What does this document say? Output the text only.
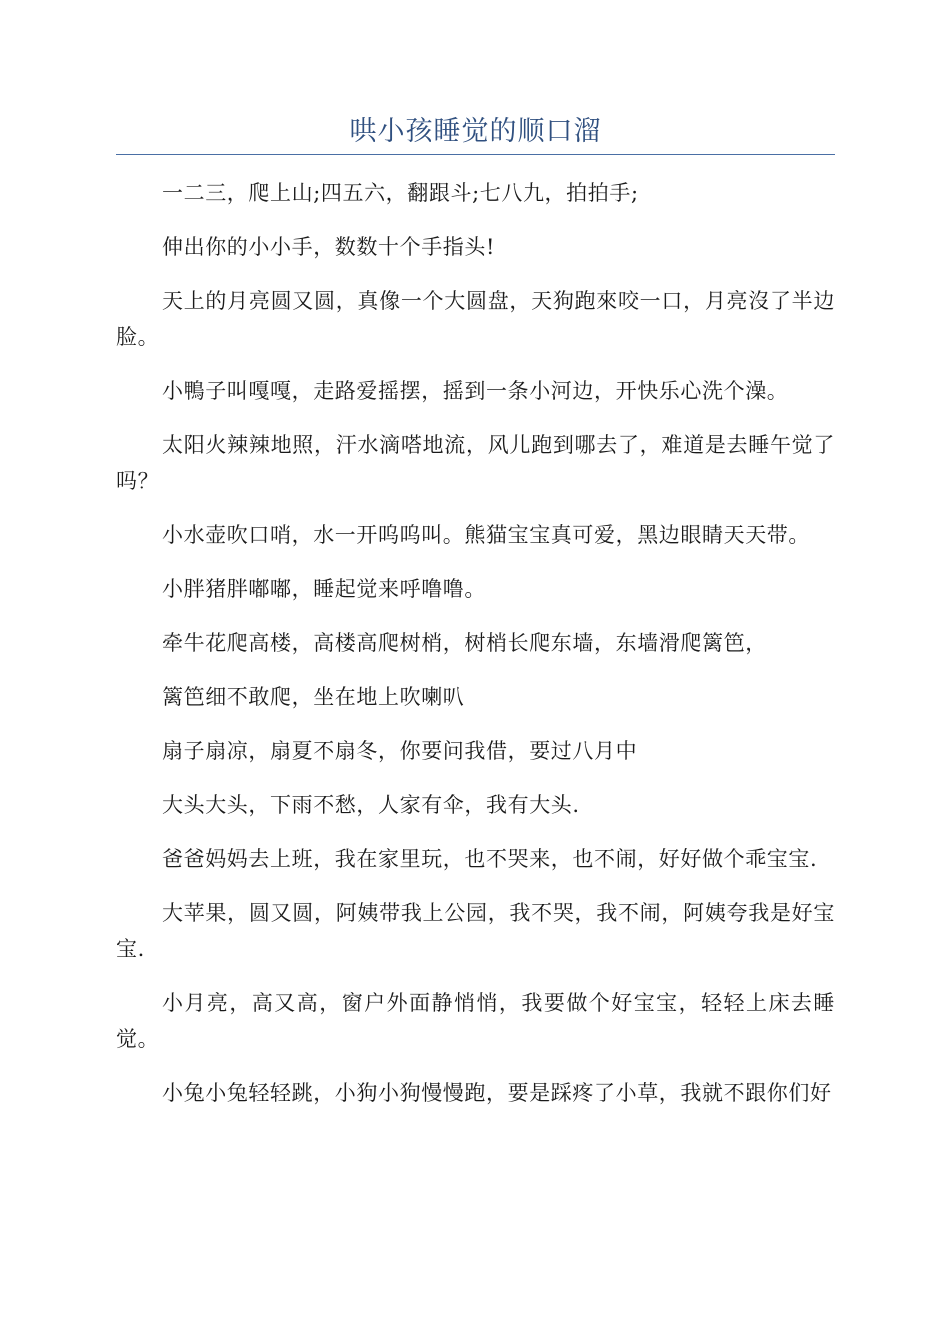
哄小孩睡觉的顺口溜

一二三，爬上山;四五六，翻跟斗;七八九，拍拍手;

伸出你的小小手，数数十个手指头!

天上的月亮圆又圆，真像一个大圆盘，天狗跑來咬一口，月亮沒了半边脸。

小鴨子叫嘎嘎，走路爱摇摆，摇到一条小河边，开快乐心洗个澡。

太阳火辣辣地照，汗水滴嗒地流，风儿跑到哪去了，难道是去睡午觉了吗？

小水壶吹口哨，水一开呜呜叫。熊猫宝宝真可爱，黑边眼睛天天带。

小胖猪胖嘟嘟，睡起觉来呼噜噜。

牵牛花爬高楼，高楼高爬树梢，树梢长爬东墙，东墙滑爬篱笆，

篱笆细不敢爬，坐在地上吹喇叭

扇子扇凉，扇夏不扇冬，你要问我借，要过八月中

大头大头，下雨不愁，人家有伞，我有大头.

爸爸妈妈去上班，我在家里玩，也不哭来，也不闹，好好做个乖宝宝.

大苹果，圆又圆，阿姨带我上公园，我不哭，我不闹，阿姨夸我是好宝宝.

小月亮，高又高，窗户外面静悄悄，我要做个好宝宝，轻轻上床去睡觉。

小兔小兔轻轻跳，小狗小狗慢慢跑，要是踩疼了小草，我就不跟你们好
